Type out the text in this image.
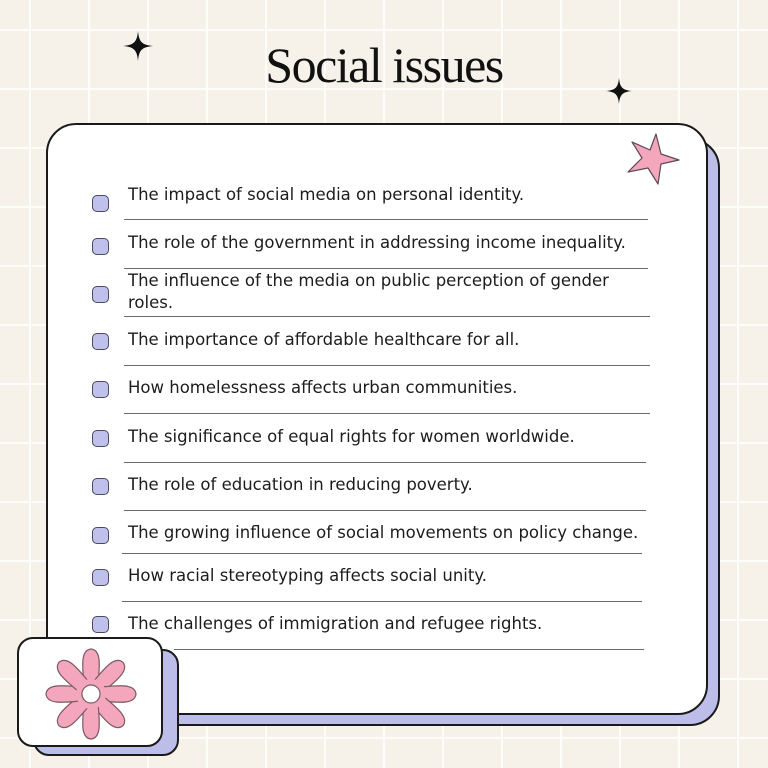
Social issues
The impact of social media on personal identity.
The role of the government in addressing income inequality.
The influence of the media on public perception of gender roles.
The importance of affordable healthcare for all.
How homelessness affects urban communities.
The significance of equal rights for women worldwide.
The role of education in reducing poverty.
The growing influence of social movements on policy change.
How racial stereotyping affects social unity.
The challenges of immigration and refugee rights.
